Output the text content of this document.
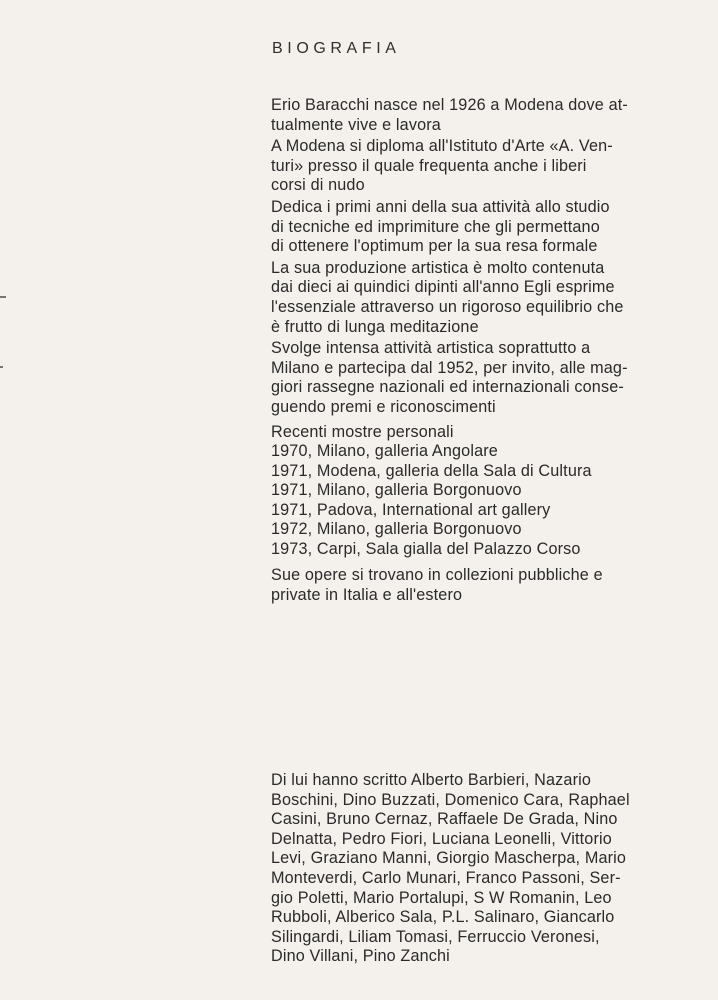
BIOGRAFIA
Erio Baracchi nasce nel 1926 a Modena dove at-
tualmente vive e lavora
A Modena si diploma all'Istituto d'Arte «A. Ven-
turi» presso il quale frequenta anche i liberi
corsi di nudo
Dedica i primi anni della sua attività allo studio
di tecniche ed imprimiture che gli permettano
di ottenere l'optimum per la sua resa formale
La sua produzione artistica è molto contenuta
dai dieci ai quindici dipinti all'anno Egli esprime
l'essenziale attraverso un rigoroso equilibrio che
è frutto di lunga meditazione
Svolge intensa attività artistica soprattutto a
Milano e partecipa dal 1952, per invito, alle mag-
giori rassegne nazionali ed internazionali conse-
guendo premi e riconoscimenti
Recenti mostre personali
1970, Milano, galleria Angolare
1971, Modena, galleria della Sala di Cultura
1971, Milano, galleria Borgonuovo
1971, Padova, International art gallery
1972, Milano, galleria Borgonuovo
1973, Carpi, Sala gialla del Palazzo Corso
Sue opere si trovano in collezioni pubbliche e
private in Italia e all'estero
Di lui hanno scritto Alberto Barbieri, Nazario
Boschini, Dino Buzzati, Domenico Cara, Raphael
Casini, Bruno Cernaz, Raffaele De Grada, Nino
Delnatta, Pedro Fiori, Luciana Leonelli, Vittorio
Levi, Graziano Manni, Giorgio Mascherpa, Mario
Monteverdi, Carlo Munari, Franco Passoni, Ser-
gio Poletti, Mario Portalupi, S W Romanin, Leo
Rubboli, Alberico Sala, P.L. Salinaro, Giancarlo
Silingardi, Liliam Tomasi, Ferruccio Veronesi,
Dino Villani, Pino Zanchi
